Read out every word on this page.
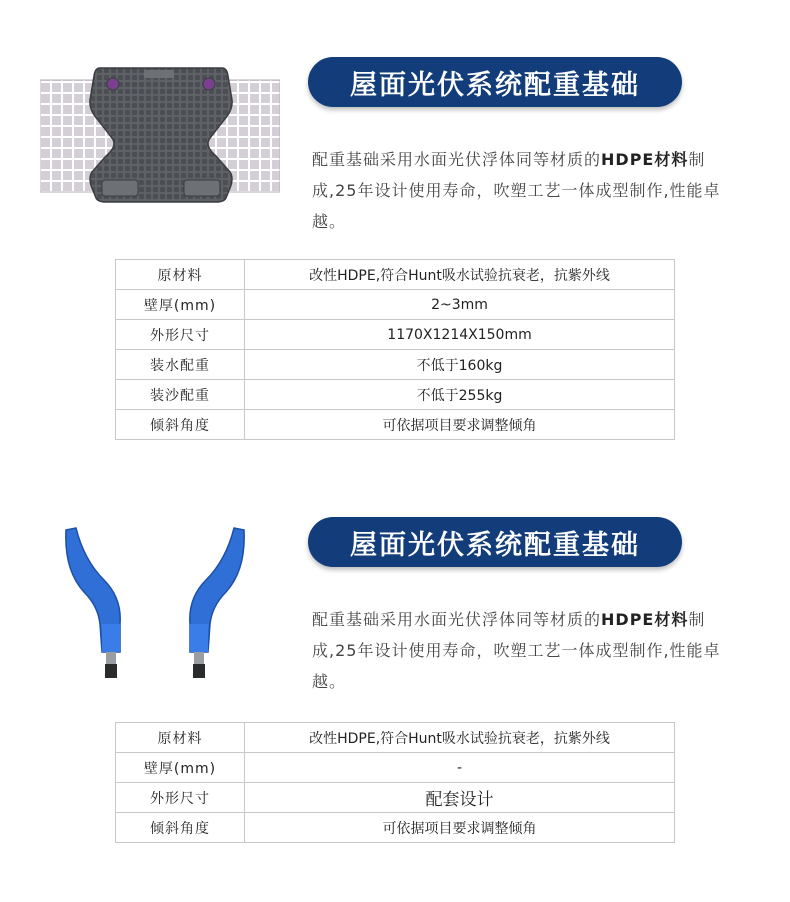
屋面光伏系统配重基础
配重基础采用水面光伏浮体同等材质的HDPE材料制成,25年设计使用寿命，吹塑工艺一体成型制作,性能卓越。
原材料	改性HDPE,符合Hunt吸水试验抗衰老，抗紫外线
壁厚(mm)	2~3mm
外形尺寸	1170X1214X150mm
装水配重	不低于160kg
装沙配重	不低于255kg
倾斜角度	可依据项目要求调整倾角
屋面光伏系统配重基础
配重基础采用水面光伏浮体同等材质的HDPE材料制成,25年设计使用寿命，吹塑工艺一体成型制作,性能卓越。
原材料	改性HDPE,符合Hunt吸水试验抗衰老，抗紫外线
壁厚(mm)	-
外形尺寸	配套设计
倾斜角度	可依据项目要求调整倾角
